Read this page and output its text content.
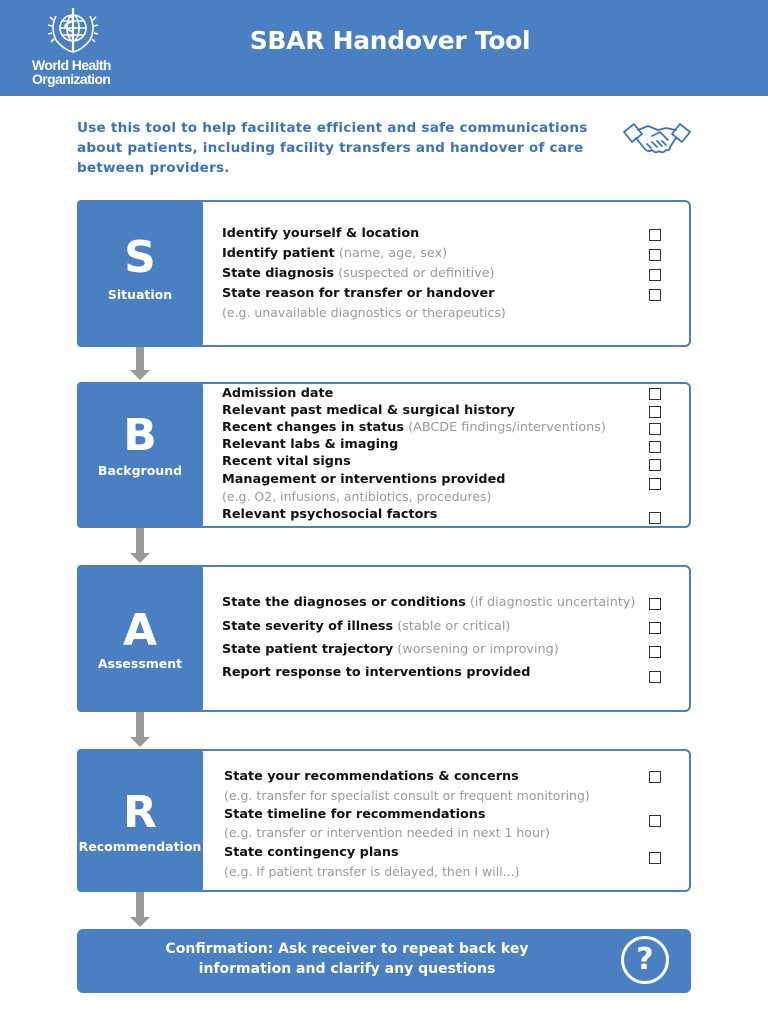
World Health
Organization
SBAR Handover Tool
Use this tool to help facilitate efficient and safe communications about patients, including facility transfers and handover of care between providers.
S
Situation
Identify yourself & location
Identify patient (name, age, sex)
State diagnosis (suspected or definitive)
State reason for transfer or handover
(e.g. unavailable diagnostics or therapeutics)
B
Background
Admission date
Relevant past medical & surgical history
Recent changes in status (ABCDE findings/interventions)
Relevant labs & imaging
Recent vital signs
Management or interventions provided
(e.g. O2, infusions, antibiotics, procedures)
Relevant psychosocial factors
A
Assessment
State the diagnoses or conditions (if diagnostic uncertainty)
State severity of illness (stable or critical)
State patient trajectory (worsening or improving)
Report response to interventions provided
R
Recommendation
State your recommendations & concerns
(e.g. transfer for specialist consult or frequent monitoring)
State timeline for recommendations
(e.g. transfer or intervention needed in next 1 hour)
State contingency plans
(e.g. If patient transfer is delayed, then I will...)
Confirmation: Ask receiver to repeat back key information and clarify any questions	?
